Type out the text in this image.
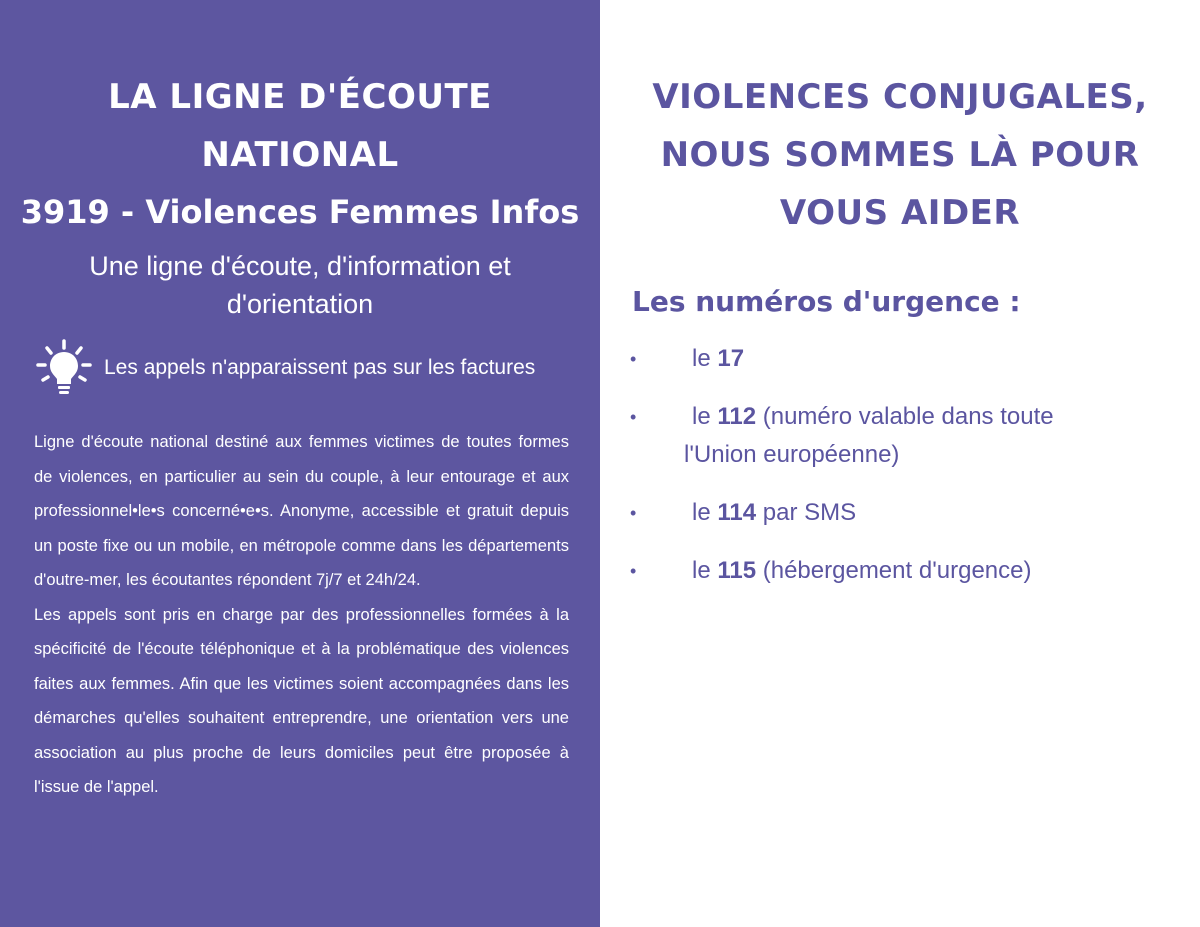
LA LIGNE D'ÉCOUTE
NATIONAL
3919 - Violences Femmes Infos
Une ligne d'écoute, d'information et
d'orientation
Les appels n'apparaissent pas sur les factures

Ligne d'écoute national destiné aux femmes victimes de toutes formes de violences, en particulier au sein du couple, à leur entourage et aux professionnel•le•s concerné•e•s. Anonyme, accessible et gratuit depuis un poste fixe ou un mobile, en métropole comme dans les départements d'outre-mer, les écoutantes répondent 7j/7 et 24h/24.

Les appels sont pris en charge par des professionnelles formées à la spécificité de l'écoute téléphonique et à la problématique des violences faites aux femmes. Afin que les victimes soient accompagnées dans les démarches qu'elles souhaitent entreprendre, une orientation vers une association au plus proche de leurs domiciles peut être proposée à l'issue de l'appel.

VIOLENCES CONJUGALES,
NOUS SOMMES LÀ POUR
VOUS AIDER
Les numéros d'urgence :
• le 17
• le 112 (numéro valable dans toute
l'Union européenne)
• le 114 par SMS
• le 115 (hébergement d'urgence)
